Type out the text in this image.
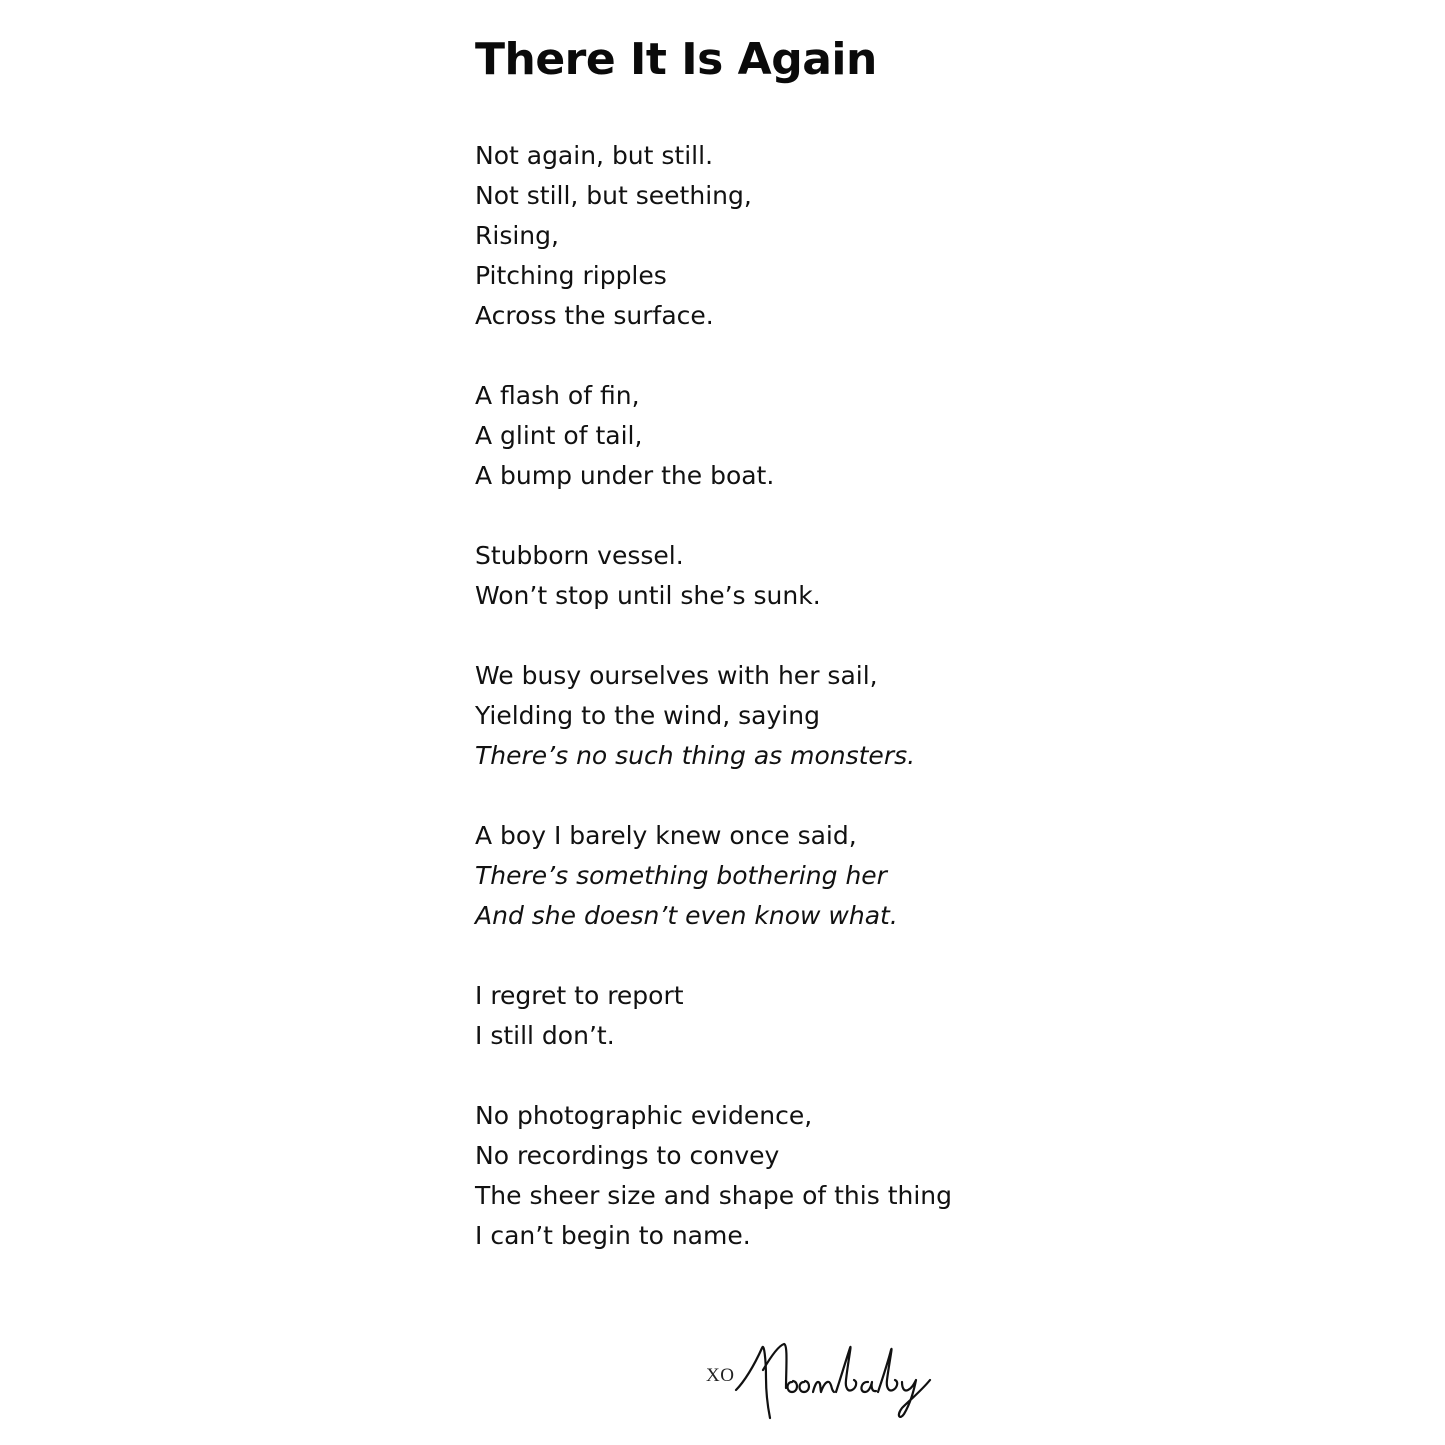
There It Is Again
Not again, but still.
Not still, but seething,
Rising,
Pitching ripples
Across the surface.
A flash of fin,
A glint of tail,
A bump under the boat.
Stubborn vessel.
Won’t stop until she’s sunk.
We busy ourselves with her sail,
Yielding to the wind, saying
There’s no such thing as monsters.
A boy I barely knew once said,
There’s something bothering her
And she doesn’t even know what.
I regret to report
I still don’t.
No photographic evidence,
No recordings to convey
The sheer size and shape of this thing
I can’t begin to name.
XO
